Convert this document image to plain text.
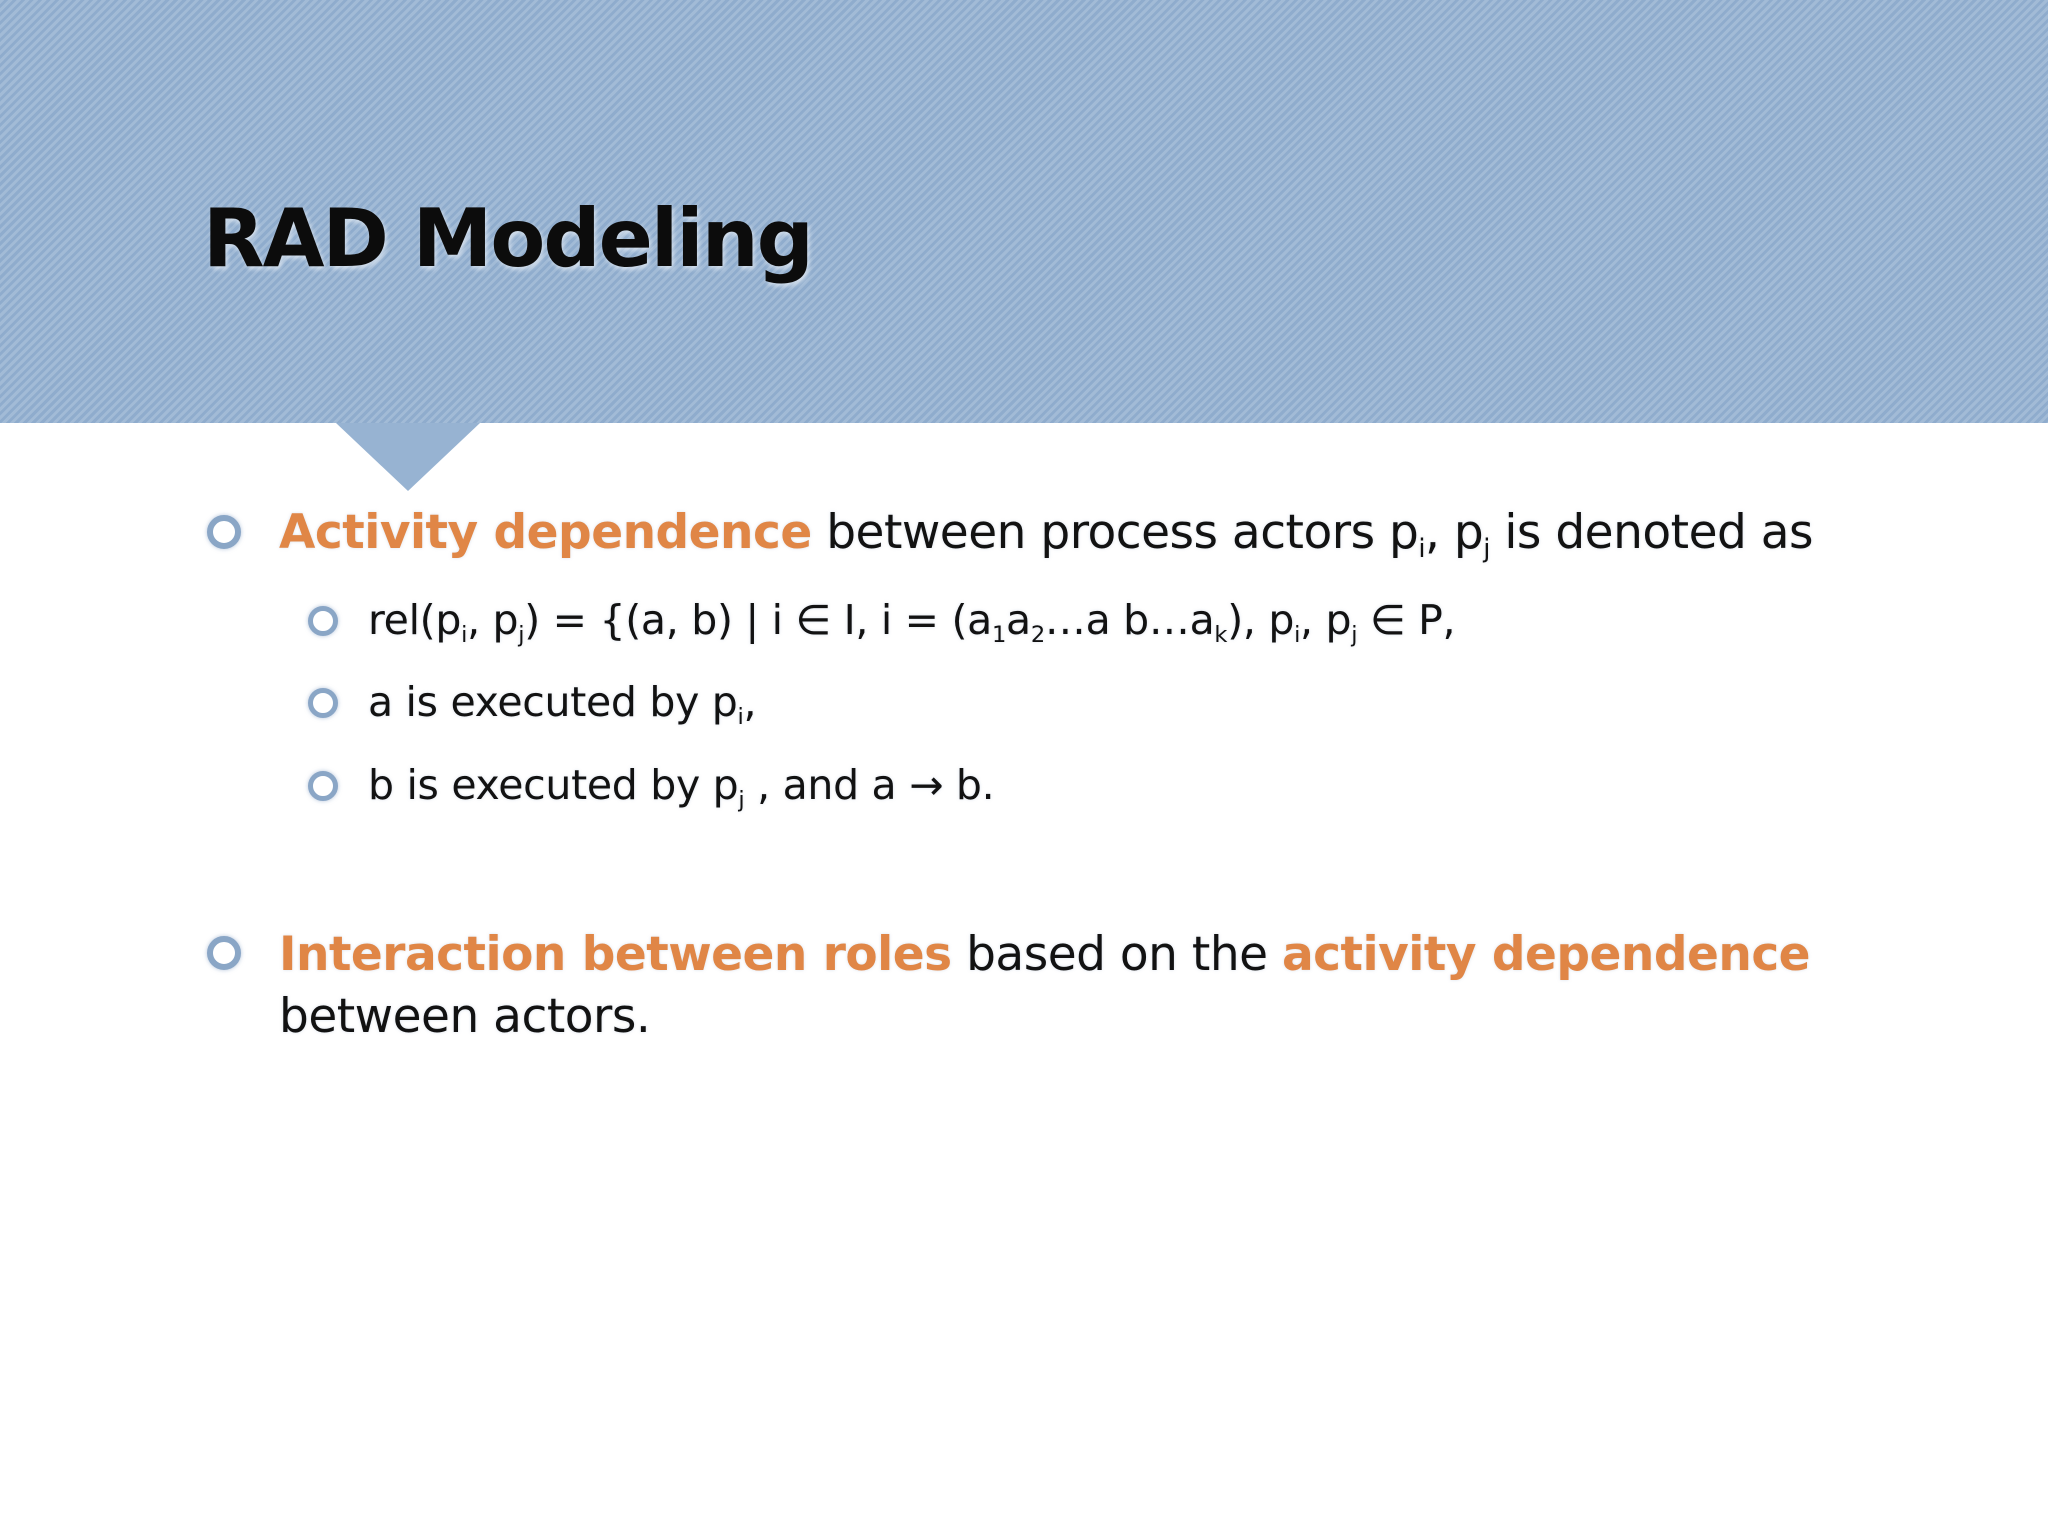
RAD Modeling
Activity dependence between process actors $p_i$, $p_j$ is denoted as
$rel(p_i$, $p_j) = \{(a$, b) | i ∈ I, $i = (a_1a_2\dots a$ $b\dots a_k$), $p_i$, $p_j$ ∈ P,
a is executed by $p_i$,
b is executed by $p_j$ , and a → b.
Interaction between roles based on the activity dependence
between actors.
